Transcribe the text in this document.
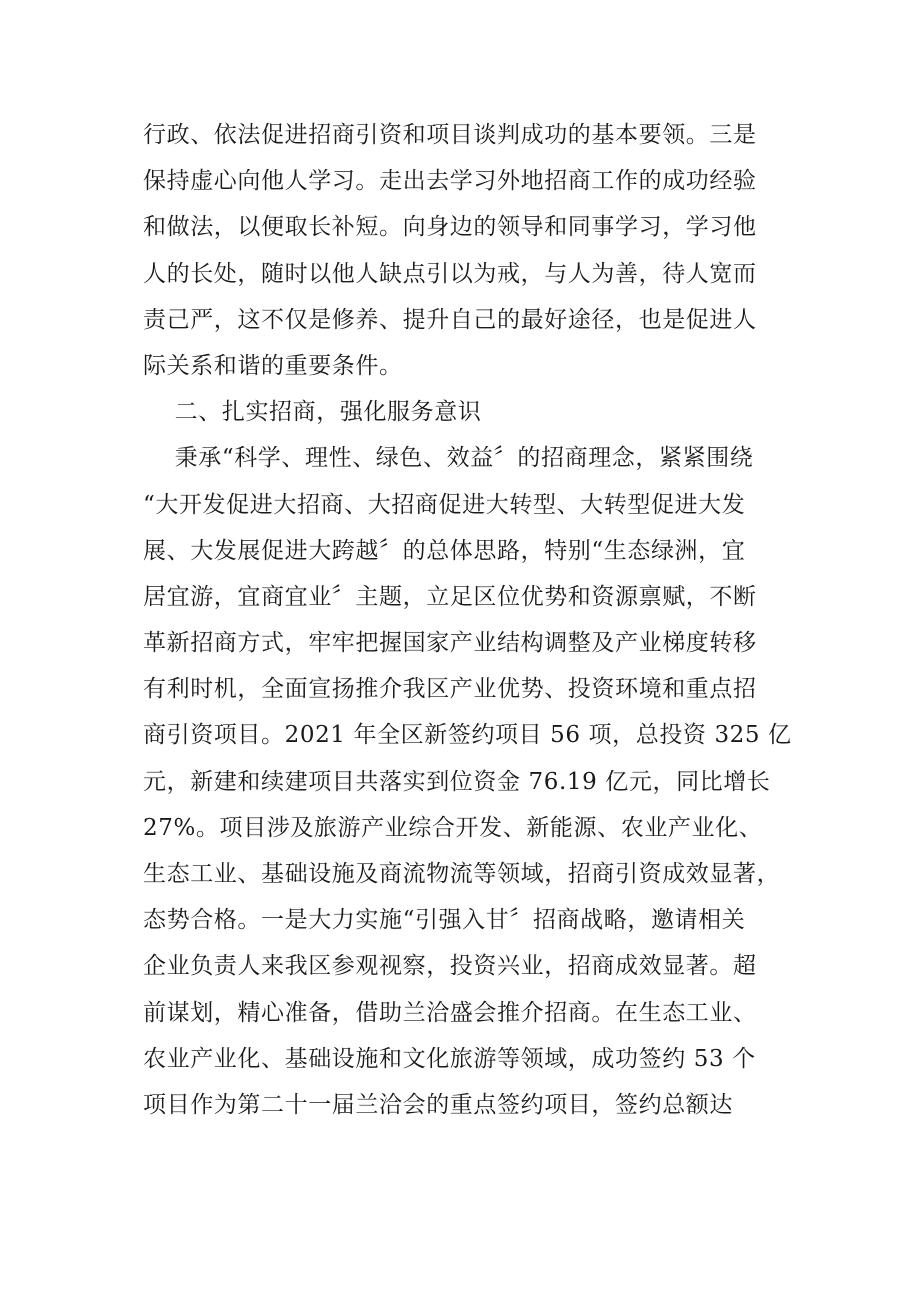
行政、依法促进招商引资和项目谈判成功的基本要领。三是
保持虚心向他人学习。走出去学习外地招商工作的成功经验
和做法，以便取长补短。向身边的领导和同事学习，学习他
人的长处，随时以他人缺点引以为戒，与人为善，待人宽而
责己严，这不仅是修养、提升自己的最好途径，也是促进人
际关系和谐的重要条件。
二、扎实招商，强化服务意识
秉承“科学、理性、绿色、效益〞的招商理念，紧紧围绕
“大开发促进大招商、大招商促进大转型、大转型促进大发
展、大发展促进大跨越〞的总体思路，特别“生态绿洲，宜
居宜游，宜商宜业〞主题，立足区位优势和资源禀赋，不断
革新招商方式，牢牢把握国家产业结构调整及产业梯度转移
有利时机，全面宣扬推介我区产业优势、投资环境和重点招
商引资项目。2021 年全区新签约项目 56 项，总投资 325 亿
元，新建和续建项目共落实到位资金 76.19 亿元，同比增长
27%。项目涉及旅游产业综合开发、新能源、农业产业化、
生态工业、基础设施及商流物流等领域，招商引资成效显著，
态势合格。一是大力实施“引强入甘〞招商战略，邀请相关
企业负责人来我区参观视察，投资兴业，招商成效显著。超
前谋划，精心准备，借助兰洽盛会推介招商。在生态工业、
农业产业化、基础设施和文化旅游等领域，成功签约 53 个
项目作为第二十一届兰洽会的重点签约项目，签约总额达
